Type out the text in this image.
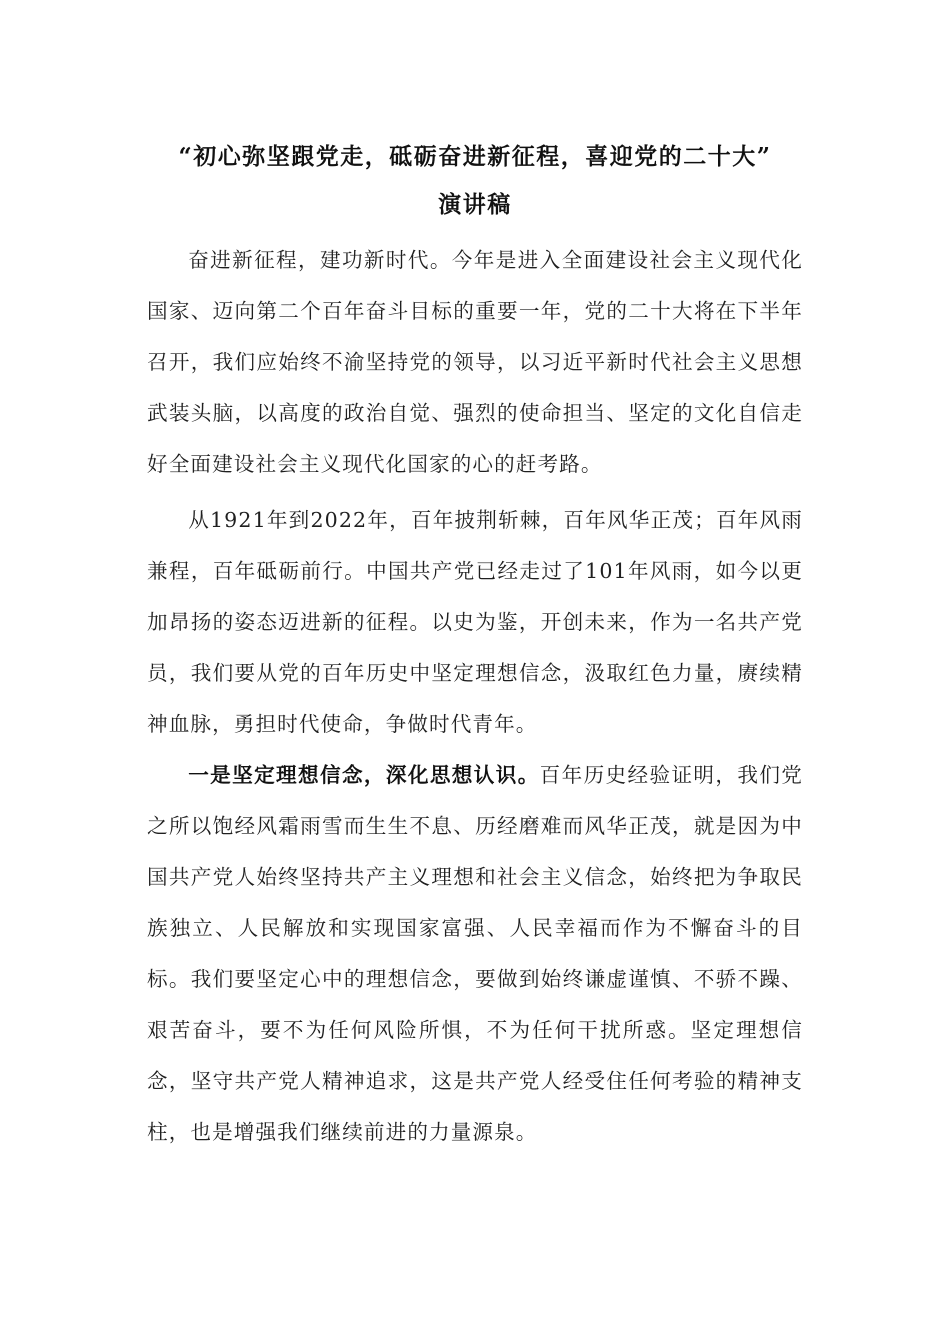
“初心弥坚跟党走，砥砺奋进新征程，喜迎党的二十大”
演讲稿

奋进新征程，建功新时代。今年是进入全面建设社会主义现代化国家、迈向第二个百年奋斗目标的重要一年，党的二十大将在下半年召开，我们应始终不渝坚持党的领导，以习近平新时代社会主义思想武装头脑，以高度的政治自觉、强烈的使命担当、坚定的文化自信走好全面建设社会主义现代化国家的心的赶考路。

从1921年到2022年，百年披荆斩棘，百年风华正茂；百年风雨兼程，百年砥砺前行。中国共产党已经走过了101年风雨，如今以更加昂扬的姿态迈进新的征程。以史为鉴，开创未来，作为一名共产党员，我们要从党的百年历史中坚定理想信念，汲取红色力量，赓续精神血脉，勇担时代使命，争做时代青年。

一是坚定理想信念，深化思想认识。百年历史经验证明，我们党之所以饱经风霜雨雪而生生不息、历经磨难而风华正茂，就是因为中国共产党人始终坚持共产主义理想和社会主义信念，始终把为争取民族独立、人民解放和实现国家富强、人民幸福而作为不懈奋斗的目标。我们要坚定心中的理想信念，要做到始终谦虚谨慎、不骄不躁、艰苦奋斗，要不为任何风险所惧，不为任何干扰所惑。坚定理想信念，坚守共产党人精神追求，这是共产党人经受住任何考验的精神支柱，也是增强我们继续前进的力量源泉。
